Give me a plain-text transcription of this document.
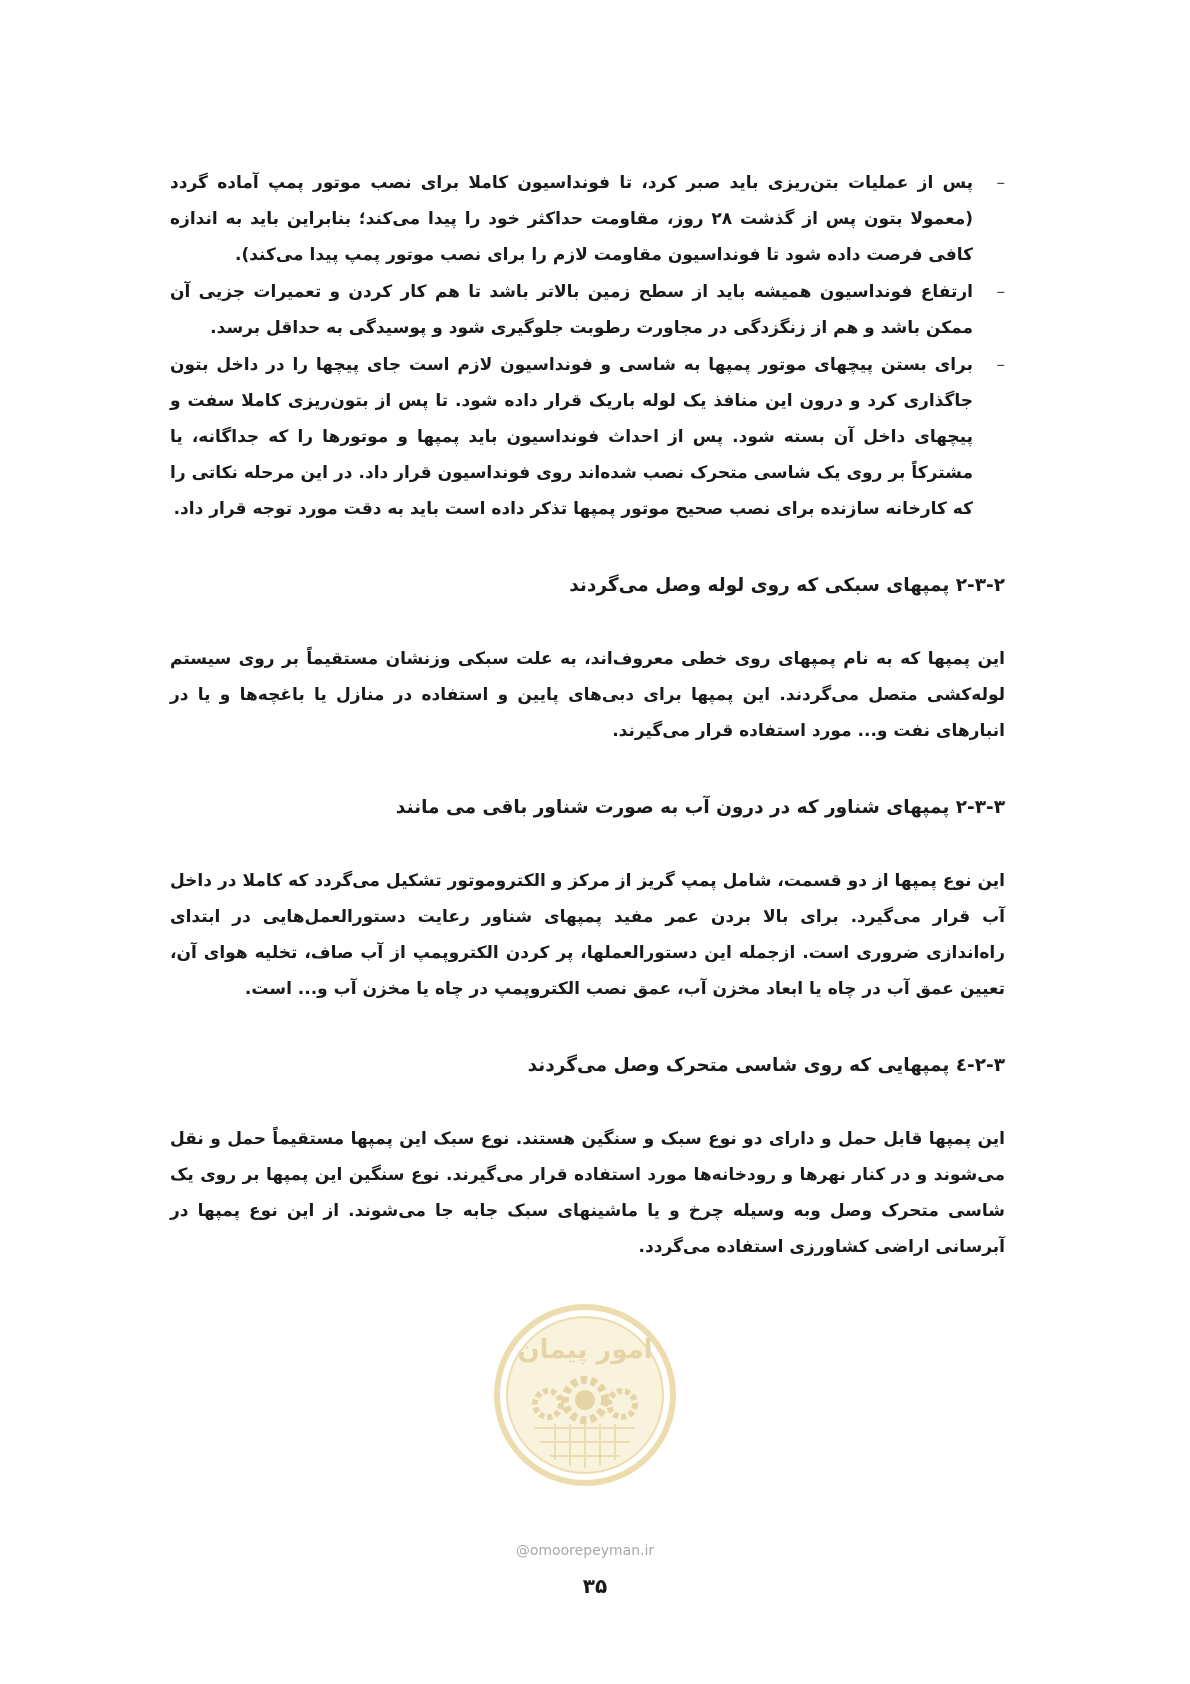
–
پس از عملیات بتن‌ریزی باید صبر کرد، تا فونداسیون کاملا برای نصب موتور پمپ آماده گردد (معمولا بتون پس از گذشت ۲۸ روز، مقاومت حداکثر خود را پیدا می‌کند؛ بنابراین باید به اندازه کافی فرصت داده شود تا فونداسیون مقاومت لازم را برای نصب موتور پمپ پیدا می‌کند).
–
ارتفاع فونداسیون همیشه باید از سطح زمین بالاتر باشد تا هم کار کردن و تعمیرات جزیی آن ممکن باشد و هم از زنگزدگی در مجاورت رطوبت جلوگیری شود و پوسیدگی به حداقل برسد.
–
برای بستن پیچهای موتور پمپها به شاسی و فونداسیون لازم است جای پیچها را در داخل بتون جاگذاری کرد و درون این منافذ یک لوله باریک قرار داده شود. تا پس از بتون‌ریزی کاملا سفت و پیچهای داخل آن بسته شود. پس از احداث فونداسیون باید پمپها و موتورها را که جداگانه، یا مشترکاً بر روی یک شاسی متحرک نصب شده‌اند روی فونداسیون قرار داد. در این مرحله نکاتی را که کارخانه سازنده برای نصب صحیح موتور پمپها تذکر داده است باید به دقت مورد توجه قرار داد.
۲-۳-۲ پمپهای سبکی که روی لوله وصل می‌گردند

این پمپها که به نام پمپهای روی خطی معروف‌اند، به علت سبکی وزنشان مستقیماً بر روی سیستم لوله‌کشی متصل می‌گردند. این پمپها برای دبی‌های پایین و استفاده در منازل یا باغچه‌ها و یا در انبارهای نفت و... مورد استفاده قرار می‌گیرند.

۲-۳-۳ پمپهای شناور که در درون آب به صورت شناور باقی می مانند

این نوع پمپها از دو قسمت، شامل پمپ گریز از مرکز و الکتروموتور تشکیل می‌گردد که کاملا در داخل آب قرار می‌گیرد. برای بالا بردن عمر مفید پمپهای شناور رعایت دستورالعمل‌هایی در ابتدای راه‌اندازی ضروری است. ازجمله این دستورالعملها، پر کردن الکتروپمپ از آب صاف، تخلیه هوای آن، تعیین عمق آب در چاه یا ابعاد مخزن آب، عمق نصب الکتروپمپ در چاه یا مخزن آب و... است.

۲-۳-٤ پمپهایی که روی شاسی متحرک وصل می‌گردند

این پمپها قابل حمل و دارای دو نوع سبک و سنگین هستند. نوع سبک این پمپها مستقیماً حمل و نقل می‌شوند و در کنار نهرها و رودخانه‌ها مورد استفاده قرار می‌گیرند. نوع سنگین این پمپها بر روی یک شاسی متحرک وصل وبه وسیله چرخ و یا ماشینهای سبک جابه جا می‌شوند. از این نوع پمپها در آبرسانی اراضی کشاورزی استفاده می‌گردد.

امور پیمان
@omoorepeyman.ir
۳۵
